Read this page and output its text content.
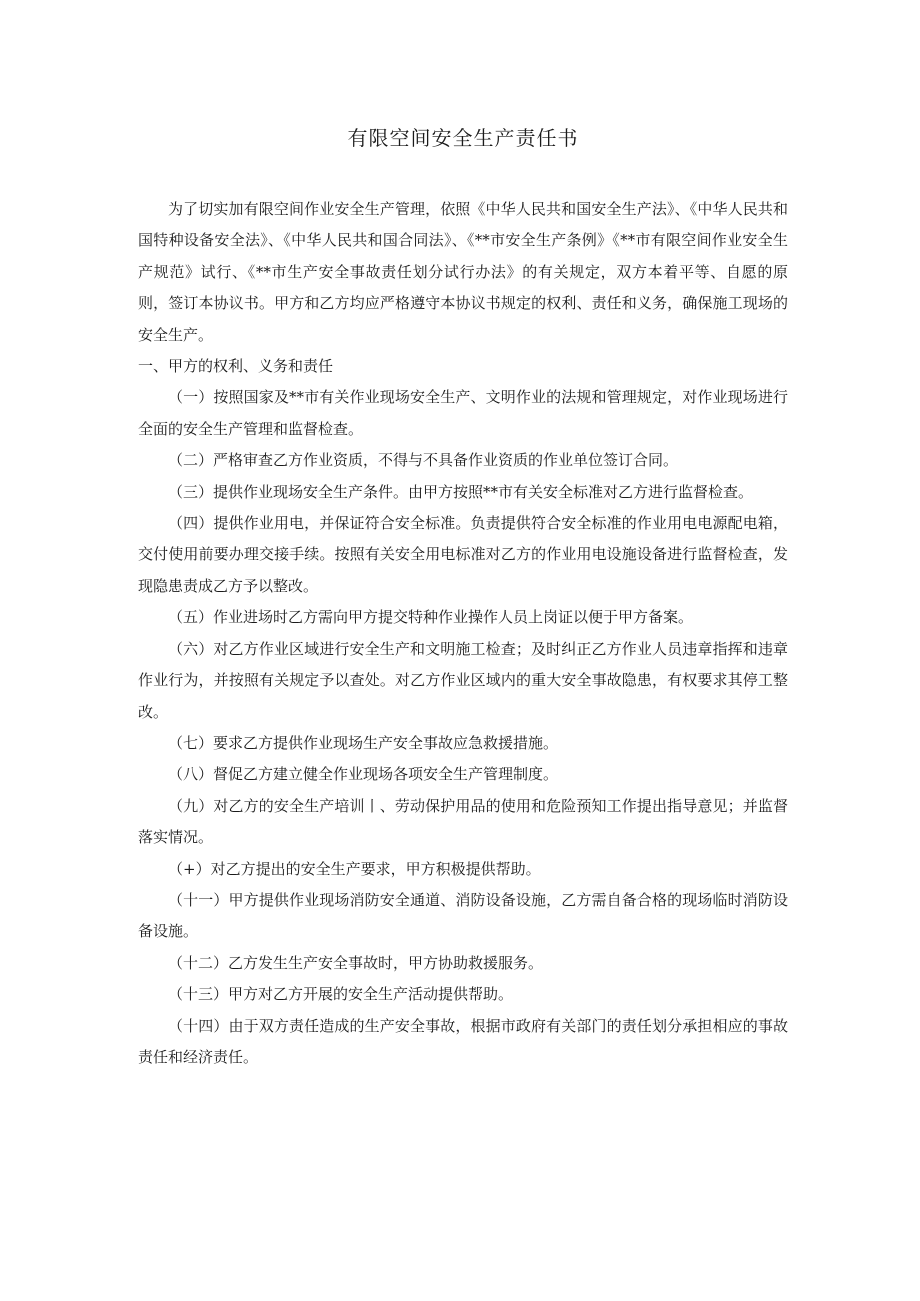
有限空间安全生产责任书

为了切实加有限空间作业安全生产管理，依照《中华人民共和国安全生产法》、《中华人民共和国特种设备安全法》、《中华人民共和国合同法》、《**市安全生产条例》《**市有限空间作业安全生产规范》试行、《**市生产安全事故责任划分试行办法》的有关规定，双方本着平等、自愿的原则，签订本协议书。甲方和乙方均应严格遵守本协议书规定的权利、责任和义务，确保施工现场的安全生产。

一、甲方的权利、义务和责任

（一）按照国家及**市有关作业现场安全生产、文明作业的法规和管理规定，对作业现场进行全面的安全生产管理和监督检查。

（二）严格审查乙方作业资质，不得与不具备作业资质的作业单位签订合同。

（三）提供作业现场安全生产条件。由甲方按照**市有关安全标准对乙方进行监督检查。

（四）提供作业用电，并保证符合安全标准。负责提供符合安全标准的作业用电电源配电箱，交付使用前要办理交接手续。按照有关安全用电标准对乙方的作业用电设施设备进行监督检查，发现隐患责成乙方予以整改。

（五）作业进场时乙方需向甲方提交特种作业操作人员上岗证以便于甲方备案。

（六）对乙方作业区域进行安全生产和文明施工检查；及时纠正乙方作业人员违章指挥和违章作业行为，并按照有关规定予以查处。对乙方作业区域内的重大安全事故隐患，有权要求其停工整改。

（七）要求乙方提供作业现场生产安全事故应急救援措施。

（八）督促乙方建立健全作业现场各项安全生产管理制度。

（九）对乙方的安全生产培训丨、劳动保护用品的使用和危险预知工作提出指导意见；并监督落实情况。

（+）对乙方提出的安全生产要求，甲方积极提供帮助。

（十一）甲方提供作业现场消防安全通道、消防设备设施，乙方需自备合格的现场临时消防设备设施。

（十二）乙方发生生产安全事故时，甲方协助救援服务。

（十三）甲方对乙方开展的安全生产活动提供帮助。

（十四）由于双方责任造成的生产安全事故，根据市政府有关部门的责任划分承担相应的事故责任和经济责任。
